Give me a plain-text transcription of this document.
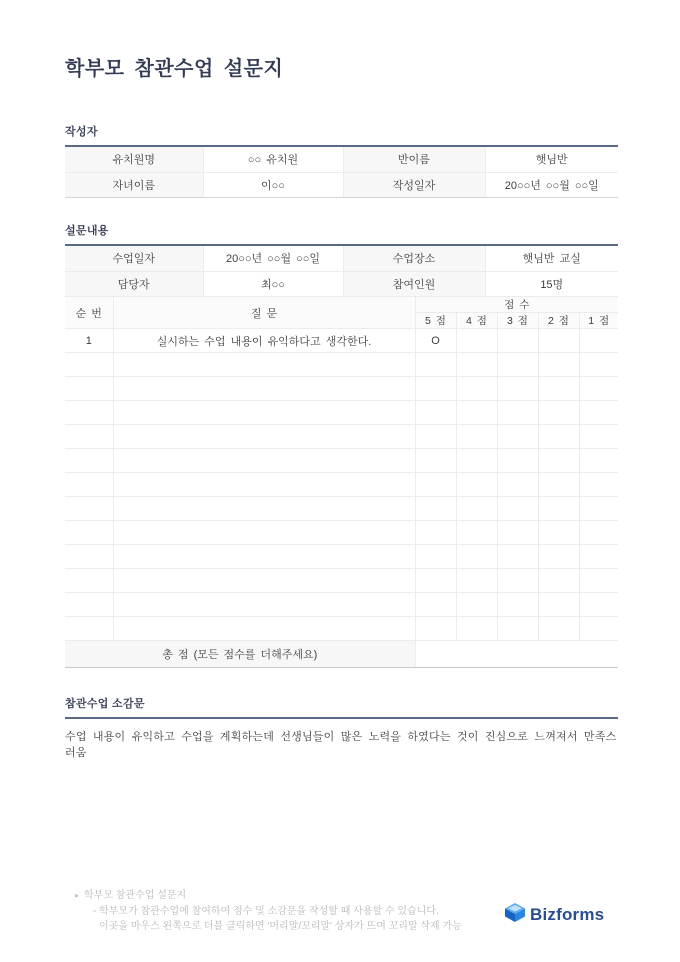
학부모 참관수업 설문지
작성자
유치원명	○○ 유치원	반이름	햇님반
자녀이름	이○○	작성일자	20○○년 ○○월 ○○일
설문내용
수업일자	20○○년 ○○월 ○○일	수업장소	햇님반 교실
담당자	최○○	참여인원	15명
순 번	질 문	점 수				
		5 점	4 점	3 점	2 점	1 점
1	실시하는 수업 내용이 유익하다고 생각한다.	O				

총 점 (모든 점수를 더해주세요)						
참관수업 소감문
수업 내용이 유익하고 수업을 계획하는데 선생님들이 많은 노력을 하였다는 것이 진심으로 느껴져서 만족스러움
▸ 학부모 참관수업 설문지
- 학부모가 참관수업에 참여하여 점수 및 소감문을 작성할 때 사용할 수 있습니다.
이곳을 마우스 왼쪽으로 더블 클릭하면 '머리말/꼬리말' 상자가 뜨며 꼬리말 삭제 가능
Bizforms
